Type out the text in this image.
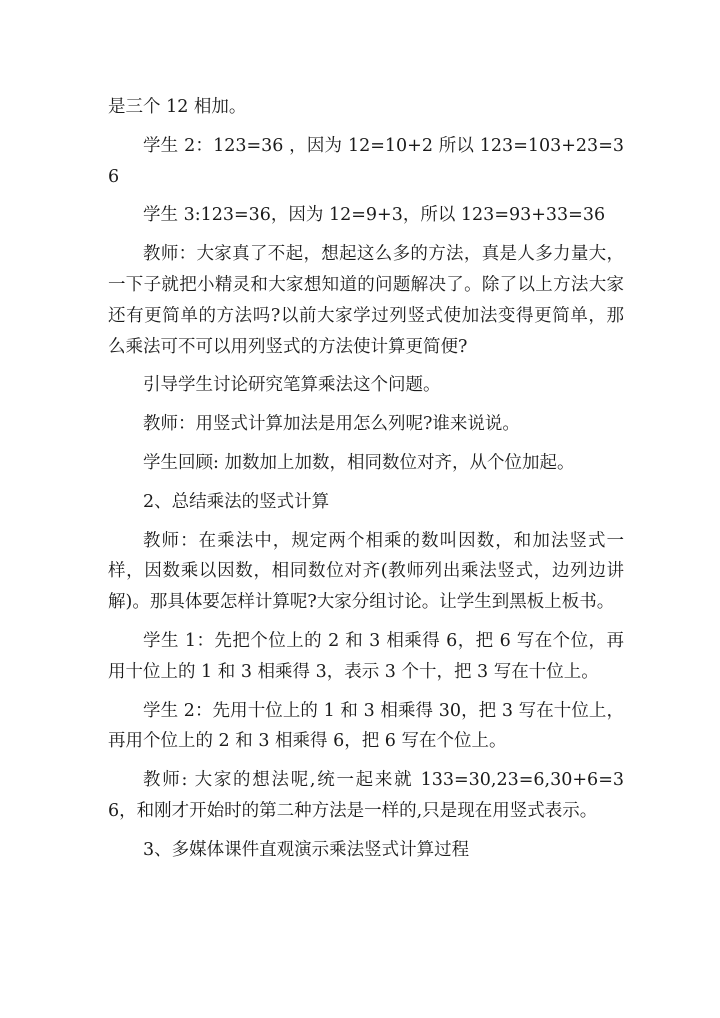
是三个 12 相加。

学生 2：123=36 ，因为 12=10+2 所以 123=103+23=36

学生 3:123=36，因为 12=9+3，所以 123=93+33=36

教师：大家真了不起，想起这么多的方法，真是人多力量大，一下子就把小精灵和大家想知道的问题解决了。除了以上方法大家还有更简单的方法吗?以前大家学过列竖式使加法变得更简单，那么乘法可不可以用列竖式的方法使计算更简便?

引导学生讨论研究笔算乘法这个问题。

教师：用竖式计算加法是用怎么列呢?谁来说说。

学生回顾: 加数加上加数，相同数位对齐，从个位加起。

2、总结乘法的竖式计算

教师：在乘法中，规定两个相乘的数叫因数，和加法竖式一样，因数乘以因数，相同数位对齐(教师列出乘法竖式，边列边讲解)。那具体要怎样计算呢?大家分组讨论。让学生到黑板上板书。

学生 1：先把个位上的 2 和 3 相乘得 6，把 6 写在个位，再用十位上的 1 和 3 相乘得 3，表示 3 个十，把 3 写在十位上。

学生 2：先用十位上的 1 和 3 相乘得 30，把 3 写在十位上，再用个位上的 2 和 3 相乘得 6，把 6 写在个位上。

教师: 大家的想法呢,统一起来就 133=30,23=6,30+6=36，和刚才开始时的第二种方法是一样的,只是现在用竖式表示。

3、多媒体课件直观演示乘法竖式计算过程
